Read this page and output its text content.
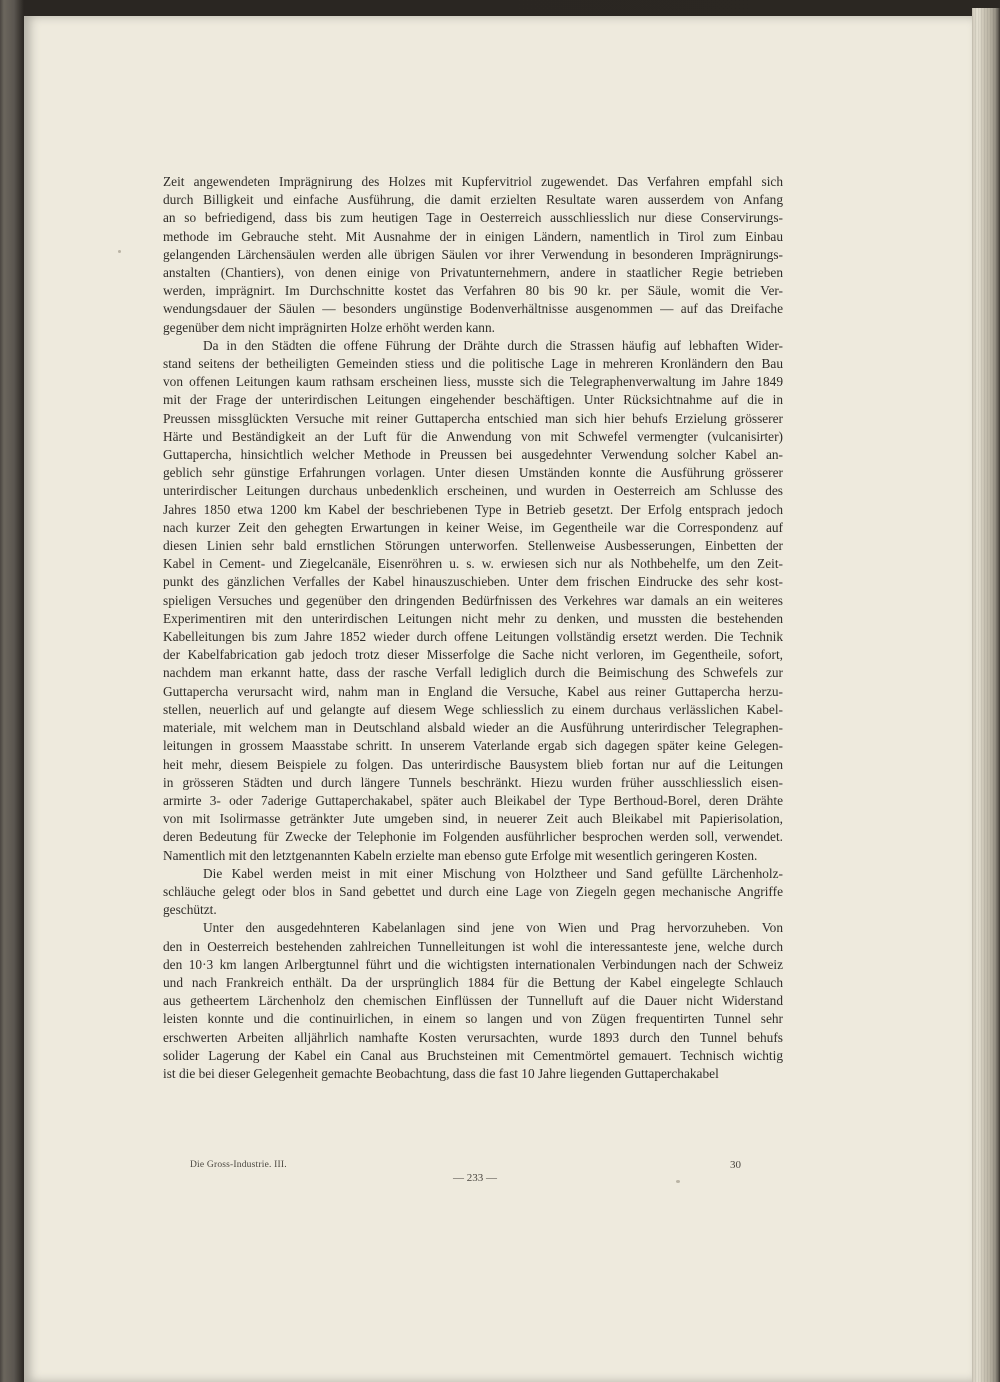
Zeit angewendeten Imprägnirung des Holzes mit Kupfervitriol zugewendet. Das Verfahren empfahl sich
durch Billigkeit und einfache Ausführung, die damit erzielten Resultate waren ausserdem von Anfang
an so befriedigend, dass bis zum heutigen Tage in Oesterreich ausschliesslich nur diese Conservirungs-
methode im Gebrauche steht. Mit Ausnahme der in einigen Ländern, namentlich in Tirol zum Einbau
gelangenden Lärchensäulen werden alle übrigen Säulen vor ihrer Verwendung in besonderen Imprägnirungs-
anstalten (Chantiers), von denen einige von Privatunternehmern, andere in staatlicher Regie betrieben
werden, imprägnirt. Im Durchschnitte kostet das Verfahren 80 bis 90 kr. per Säule, womit die Ver-
wendungsdauer der Säulen — besonders ungünstige Bodenverhältnisse ausgenommen — auf das Dreifache
gegenüber dem nicht imprägnirten Holze erhöht werden kann.
Da in den Städten die offene Führung der Drähte durch die Strassen häufig auf lebhaften Wider-
stand seitens der betheiligten Gemeinden stiess und die politische Lage in mehreren Kronländern den Bau
von offenen Leitungen kaum rathsam erscheinen liess, musste sich die Telegraphenverwaltung im Jahre 1849
mit der Frage der unterirdischen Leitungen eingehender beschäftigen. Unter Rücksichtnahme auf die in
Preussen missglückten Versuche mit reiner Guttapercha entschied man sich hier behufs Erzielung grösserer
Härte und Beständigkeit an der Luft für die Anwendung von mit Schwefel vermengter (vulcanisirter)
Guttapercha, hinsichtlich welcher Methode in Preussen bei ausgedehnter Verwendung solcher Kabel an-
geblich sehr günstige Erfahrungen vorlagen. Unter diesen Umständen konnte die Ausführung grösserer
unterirdischer Leitungen durchaus unbedenklich erscheinen, und wurden in Oesterreich am Schlusse des
Jahres 1850 etwa 1200 km Kabel der beschriebenen Type in Betrieb gesetzt. Der Erfolg entsprach jedoch
nach kurzer Zeit den gehegten Erwartungen in keiner Weise, im Gegentheile war die Correspondenz auf
diesen Linien sehr bald ernstlichen Störungen unterworfen. Stellenweise Ausbesserungen, Einbetten der
Kabel in Cement- und Ziegelcanäle, Eisenröhren u. s. w. erwiesen sich nur als Nothbehelfe, um den Zeit-
punkt des gänzlichen Verfalles der Kabel hinauszuschieben. Unter dem frischen Eindrucke des sehr kost-
spieligen Versuches und gegenüber den dringenden Bedürfnissen des Verkehres war damals an ein weiteres
Experimentiren mit den unterirdischen Leitungen nicht mehr zu denken, und mussten die bestehenden
Kabelleitungen bis zum Jahre 1852 wieder durch offene Leitungen vollständig ersetzt werden. Die Technik
der Kabelfabrication gab jedoch trotz dieser Misserfolge die Sache nicht verloren, im Gegentheile, sofort,
nachdem man erkannt hatte, dass der rasche Verfall lediglich durch die Beimischung des Schwefels zur
Guttapercha verursacht wird, nahm man in England die Versuche, Kabel aus reiner Guttapercha herzu-
stellen, neuerlich auf und gelangte auf diesem Wege schliesslich zu einem durchaus verlässlichen Kabel-
materiale, mit welchem man in Deutschland alsbald wieder an die Ausführung unterirdischer Telegraphen-
leitungen in grossem Maasstabe schritt. In unserem Vaterlande ergab sich dagegen später keine Gelegen-
heit mehr, diesem Beispiele zu folgen. Das unterirdische Bausystem blieb fortan nur auf die Leitungen
in grösseren Städten und durch längere Tunnels beschränkt. Hiezu wurden früher ausschliesslich eisen-
armirte 3- oder 7aderige Guttaperchakabel, später auch Bleikabel der Type Berthoud-Borel, deren Drähte
von mit Isolirmasse getränkter Jute umgeben sind, in neuerer Zeit auch Bleikabel mit Papierisolation,
deren Bedeutung für Zwecke der Telephonie im Folgenden ausführlicher besprochen werden soll, verwendet.
Namentlich mit den letztgenannten Kabeln erzielte man ebenso gute Erfolge mit wesentlich geringeren Kosten.
Die Kabel werden meist in mit einer Mischung von Holztheer und Sand gefüllte Lärchenholz-
schläuche gelegt oder blos in Sand gebettet und durch eine Lage von Ziegeln gegen mechanische Angriffe
geschützt.
Unter den ausgedehnteren Kabelanlagen sind jene von Wien und Prag hervorzuheben. Von
den in Oesterreich bestehenden zahlreichen Tunnelleitungen ist wohl die interessanteste jene, welche durch
den 10·3 km langen Arlbergtunnel führt und die wichtigsten internationalen Verbindungen nach der Schweiz
und nach Frankreich enthält. Da der ursprünglich 1884 für die Bettung der Kabel eingelegte Schlauch
aus getheertem Lärchenholz den chemischen Einflüssen der Tunnelluft auf die Dauer nicht Widerstand
leisten konnte und die continuirlichen, in einem so langen und von Zügen frequentirten Tunnel sehr
erschwerten Arbeiten alljährlich namhafte Kosten verursachten, wurde 1893 durch den Tunnel behufs
solider Lagerung der Kabel ein Canal aus Bruchsteinen mit Cementmörtel gemauert. Technisch wichtig
ist die bei dieser Gelegenheit gemachte Beobachtung, dass die fast 10 Jahre liegenden Guttaperchakabel
Die Gross-Industrie. III.	30
— 233 —
